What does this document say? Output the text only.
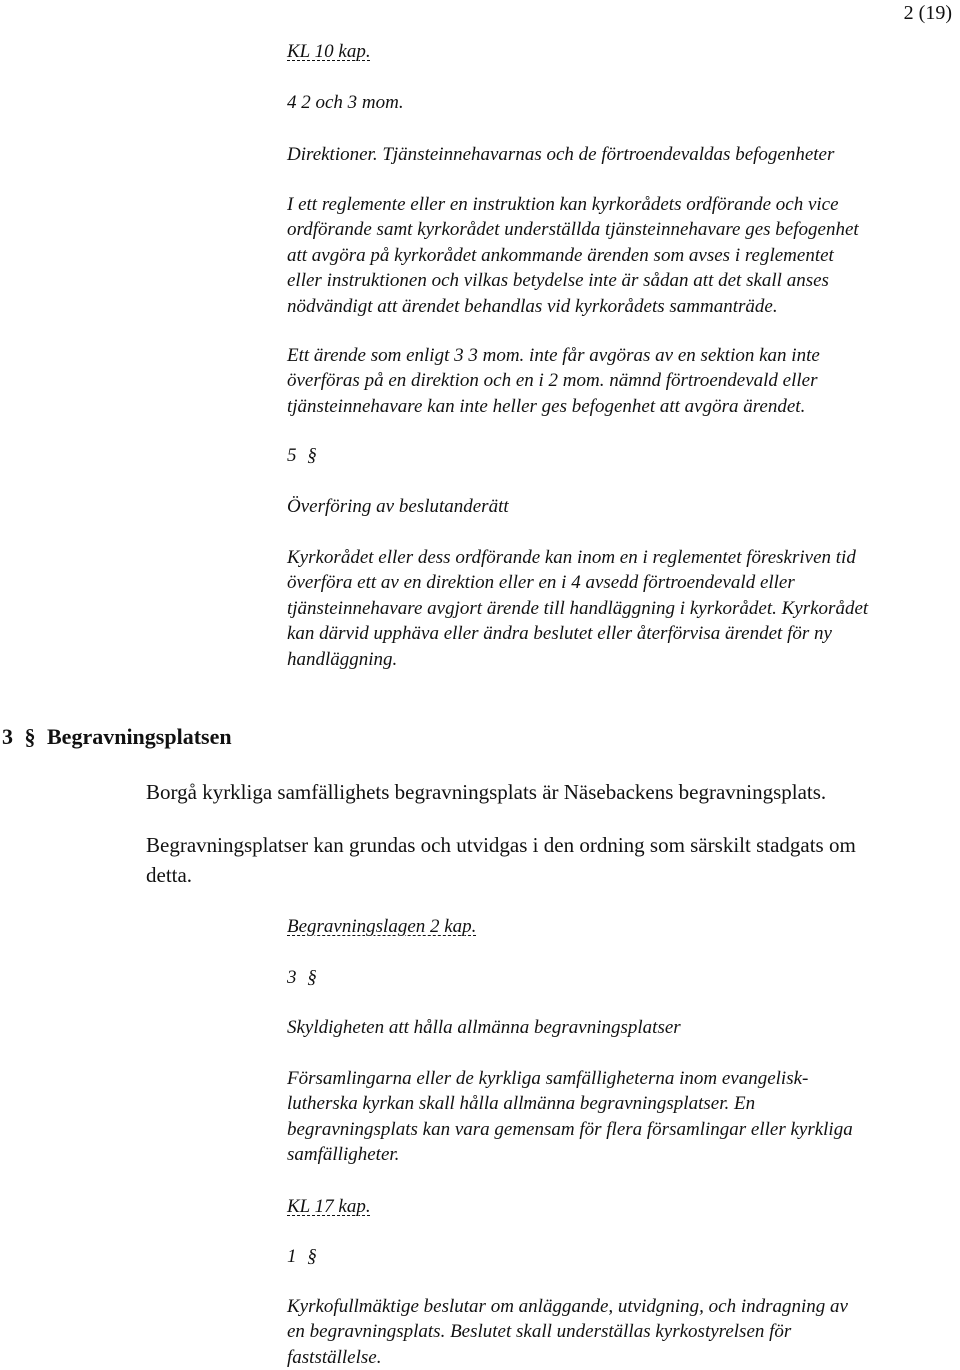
2 (19)
KL 10 kap.
4 2 och 3 mom.
Direktioner. Tjänsteinnehavarnas och de förtroendevaldas befogenheter
I ett reglemente eller en instruktion kan kyrkorådets ordförande och vice
ordförande samt kyrkorådet underställda tjänsteinnehavare ges befogenhet
att avgöra på kyrkorådet ankommande ärenden som avses i reglementet
eller instruktionen och vilkas betydelse inte är sådan att det skall anses
nödvändigt att ärendet behandlas vid kyrkorådets sammanträde.
Ett ärende som enligt 3 3 mom. inte får avgöras av en sektion kan inte
överföras på en direktion och en i 2 mom. nämnd förtroendevald eller
tjänsteinnehavare kan inte heller ges befogenhet att avgöra ärendet.
5 §
Överföring av beslutanderätt
Kyrkorådet eller dess ordförande kan inom en i reglementet föreskriven tid
överföra ett av en direktion eller en i 4 avsedd förtroendevald eller
tjänsteinnehavare avgjort ärende till handläggning i kyrkorådet. Kyrkorådet
kan därvid upphäva eller ändra beslutet eller återförvisa ärendet för ny
handläggning.
3 § Begravningsplatsen
Borgå kyrkliga samfällighets begravningsplats är Näsebackens begravningsplats.
Begravningsplatser kan grundas och utvidgas i den ordning som särskilt stadgats om
detta.
Begravningslagen 2 kap.
3 §
Skyldigheten att hålla allmänna begravningsplatser
Församlingarna eller de kyrkliga samfälligheterna inom evangelisk-
lutherska kyrkan skall hålla allmänna begravningsplatser. En
begravningsplats kan vara gemensam för flera församlingar eller kyrkliga
samfälligheter.
KL 17 kap.
1 §
Kyrkofullmäktige beslutar om anläggande, utvidgning, och indragning av
en begravningsplats. Beslutet skall underställas kyrkostyrelsen för
fastställelse.
